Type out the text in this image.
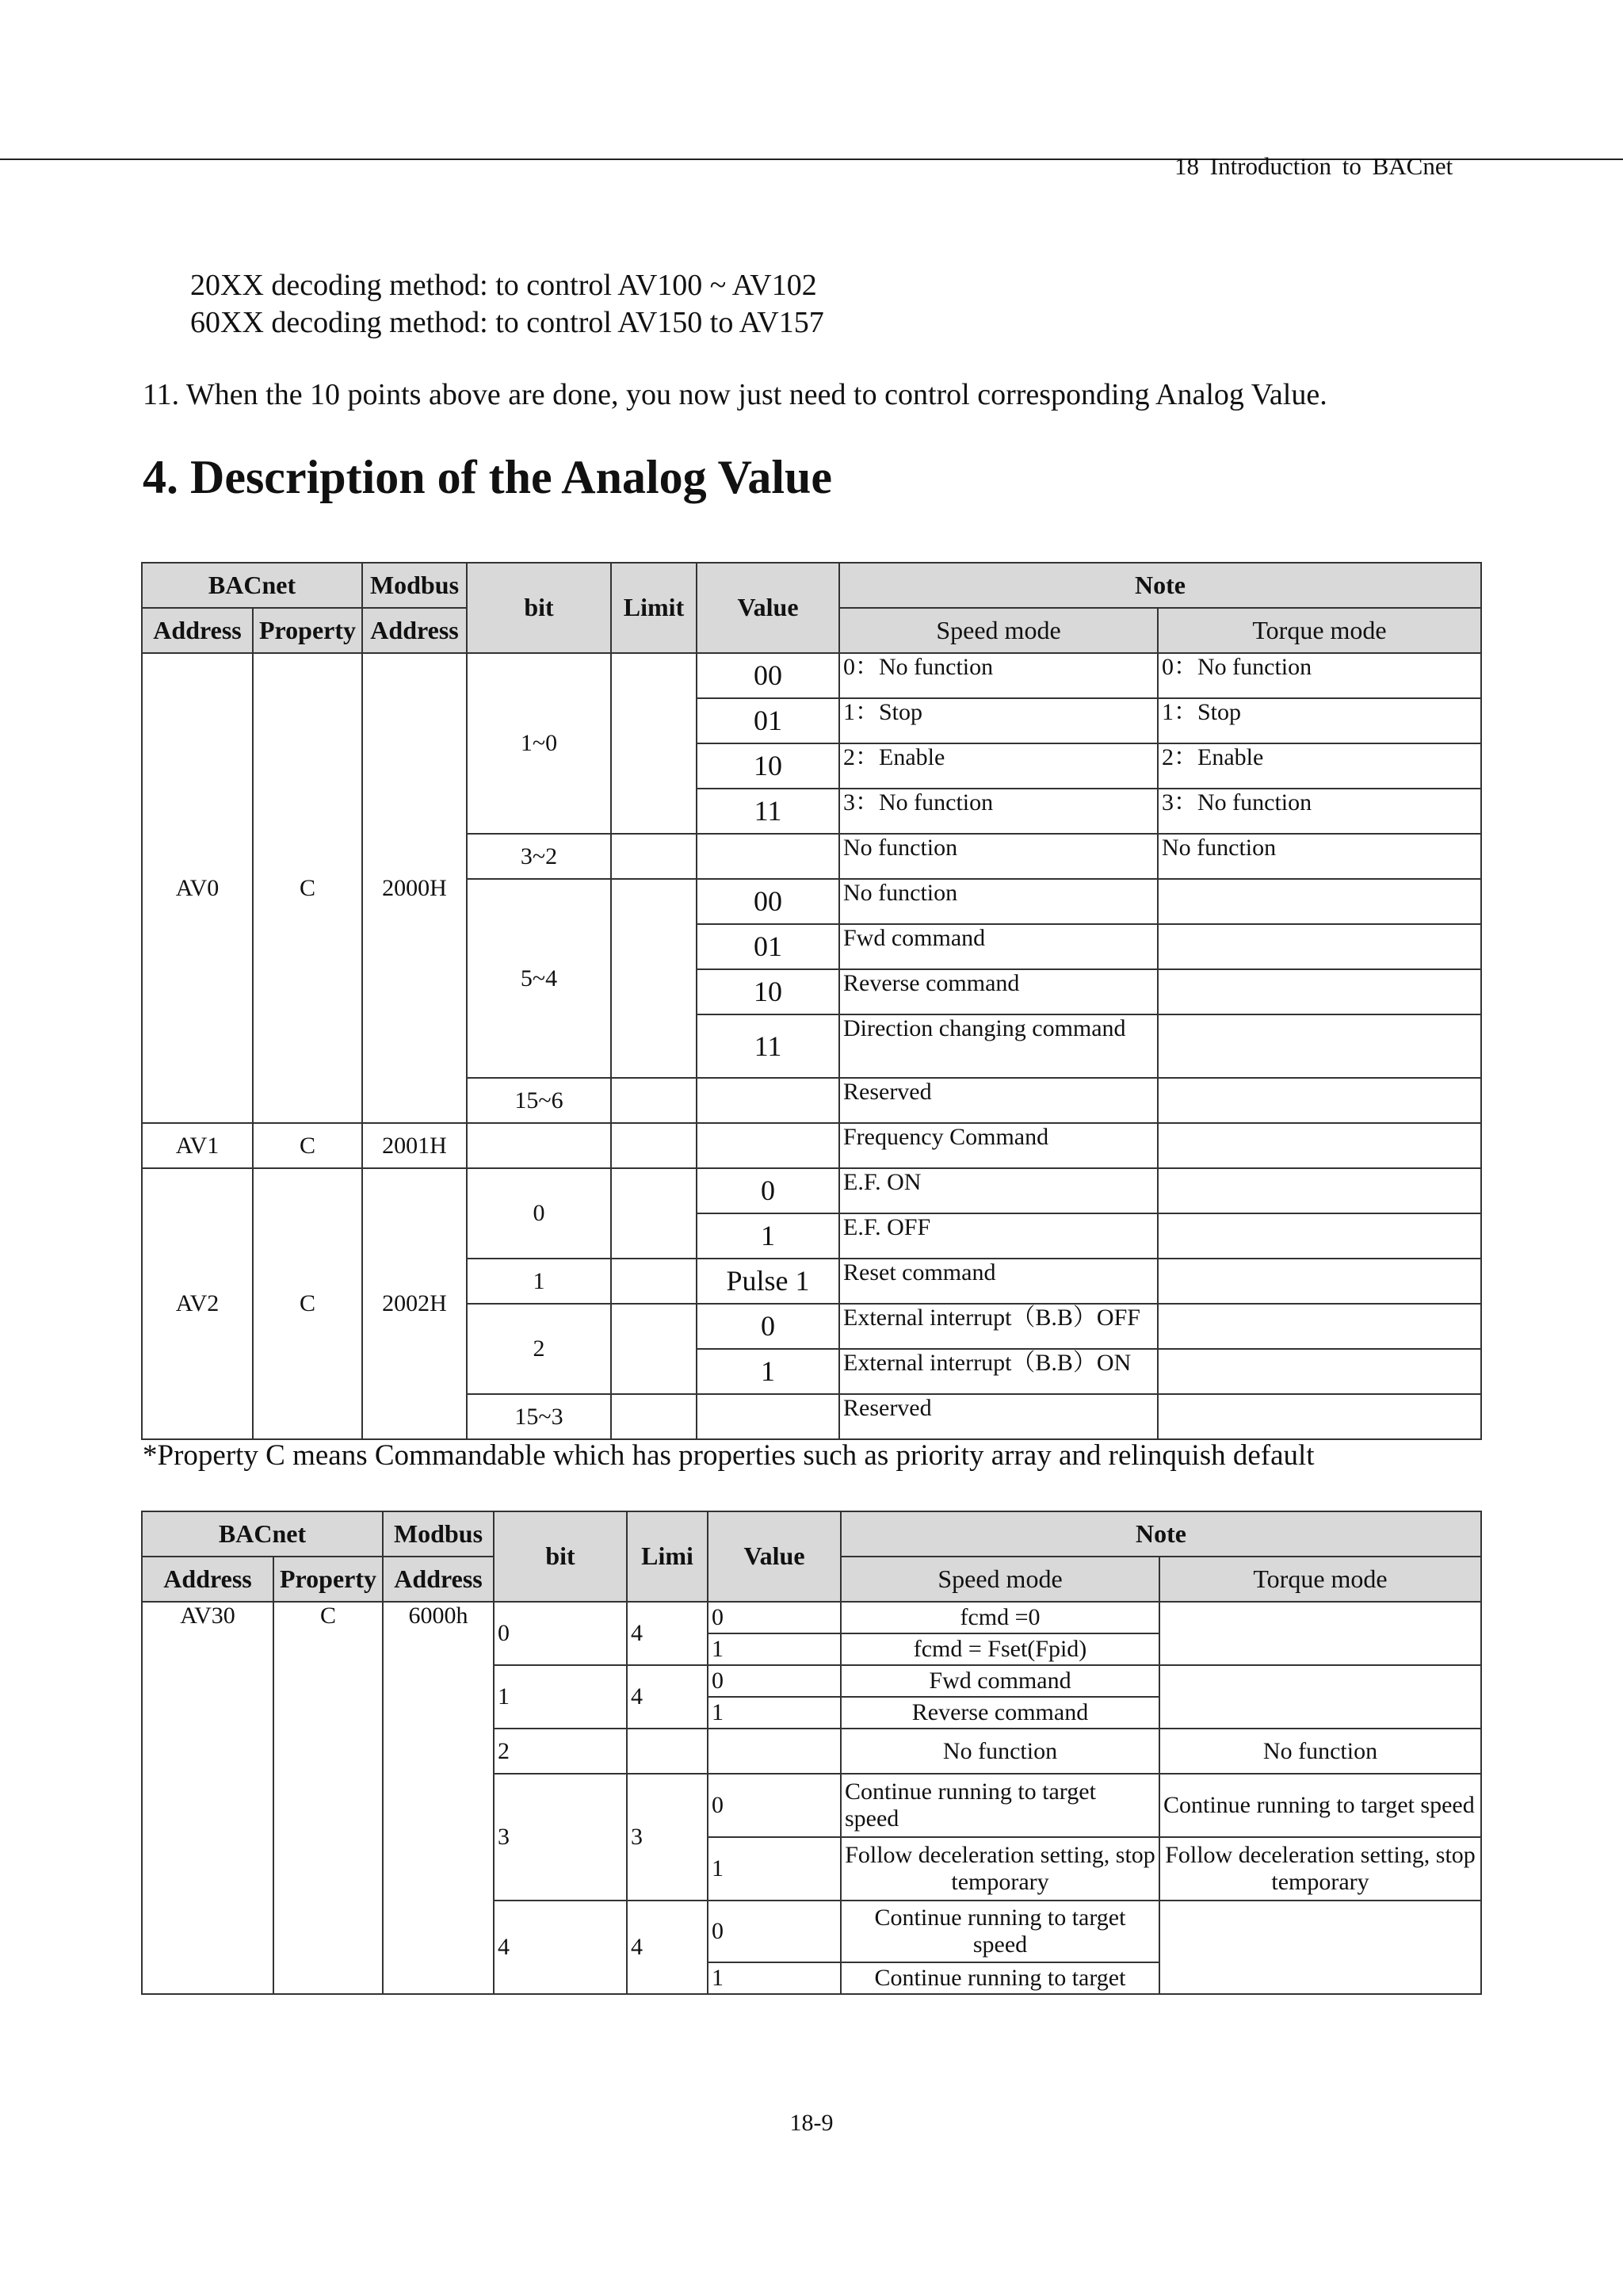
18 Introduction to BACnet
20XX decoding method: to control AV100 ~ AV102
60XX decoding method: to control AV150 to AV157
11. When the 10 points above are done, you now just need to control corresponding Analog Value.
4. Description of the Analog Value
BACnet		Modbus	bit	Limit	Value	Note	
Address	Property	Address				Speed mode	Torque mode
AV0	C	2000H	1~0		00	0：No function	0：No function
					01	1：Stop	1：Stop
					10	2：Enable	2：Enable
					11	3：No function	3：No function
			3~2			No function	No function
			5~4		00	No function	
					01	Fwd command	
					10	Reverse command	
					11	Direction changing command	
			15~6			Reserved	
AV1	C	2001H				Frequency Command	
AV2	C	2002H	0		0	E.F. ON	
					1	E.F. OFF	
			1		Pulse 1	Reset command	
			2		0	External interrupt（B.B）OFF	
					1	External interrupt（B.B）ON	
			15~3			Reserved	
*Property C means Commandable which has properties such as priority array and relinquish default
BACnet		Modbus	bit	Limi	Value	Note	
Address	Property	Address				Speed mode	Torque mode
AV30	C	6000h	0	4	0	fcmd =0	
					1	fcmd = Fset(Fpid)	
			1	4	0	Fwd command	
					1	Reverse command	
			2			No function	No function
			3	3	0	Continue running to target speed	Continue running to target speed
					1	Follow deceleration setting, stop temporary	Follow deceleration setting, stop temporary
			4	4	0	Continue running to target speed	
					1	Continue running to target	
18-9
